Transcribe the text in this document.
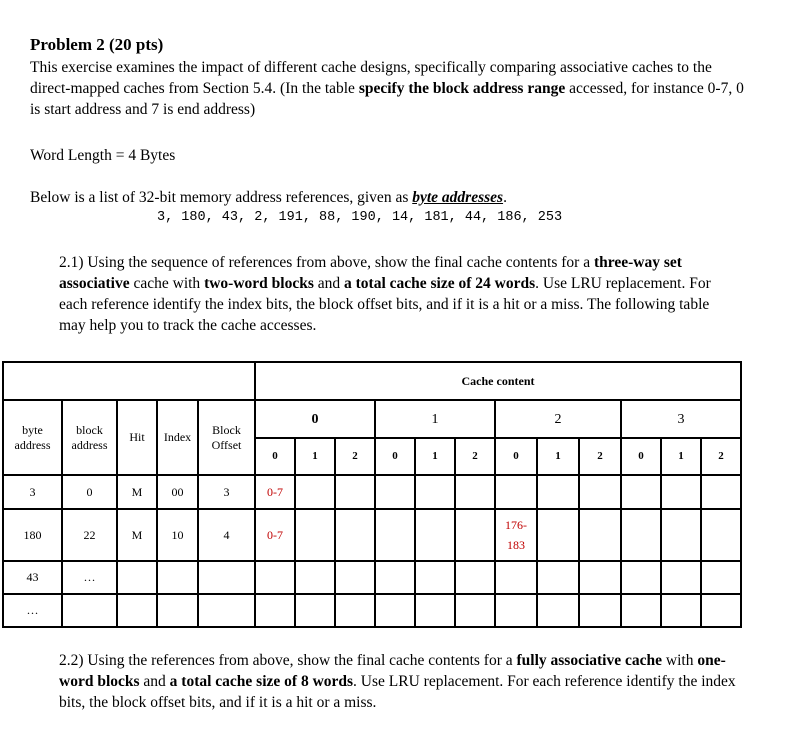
Problem 2 (20 pts)
This exercise examines the impact of different cache designs, specifically comparing associative caches to the direct-mapped caches from Section 5.4. (In the table specify the block address range accessed, for instance 0-7, 0 is start address and 7 is end address)
Word Length = 4 Bytes
Below is a list of 32-bit memory address references, given as byte addresses.
3, 180, 43, 2, 191, 88, 190, 14, 181, 44, 186, 253
2.1) Using the sequence of references from above, show the final cache contents for a three-way set associative cache with two-word blocks and a total cache size of 24 words. Use LRU replacement. For each reference identify the index bits, the block offset bits, and if it is a hit or a miss. The following table may help you to track the cache accesses.
					Cache content											
byte address	block address	Hit	Index	Block Offset	0			1			2			3		
					0	1	2	0	1	2	0	1	2	0	1	2
3	0	M	00	3	0-7											
180	22	M	10	4	0-7						176-183					
43	…															
…																
2.2) Using the references from above, show the final cache contents for a fully associative cache with one-word blocks and a total cache size of 8 words. Use LRU replacement. For each reference identify the index bits, the block offset bits, and if it is a hit or a miss.
